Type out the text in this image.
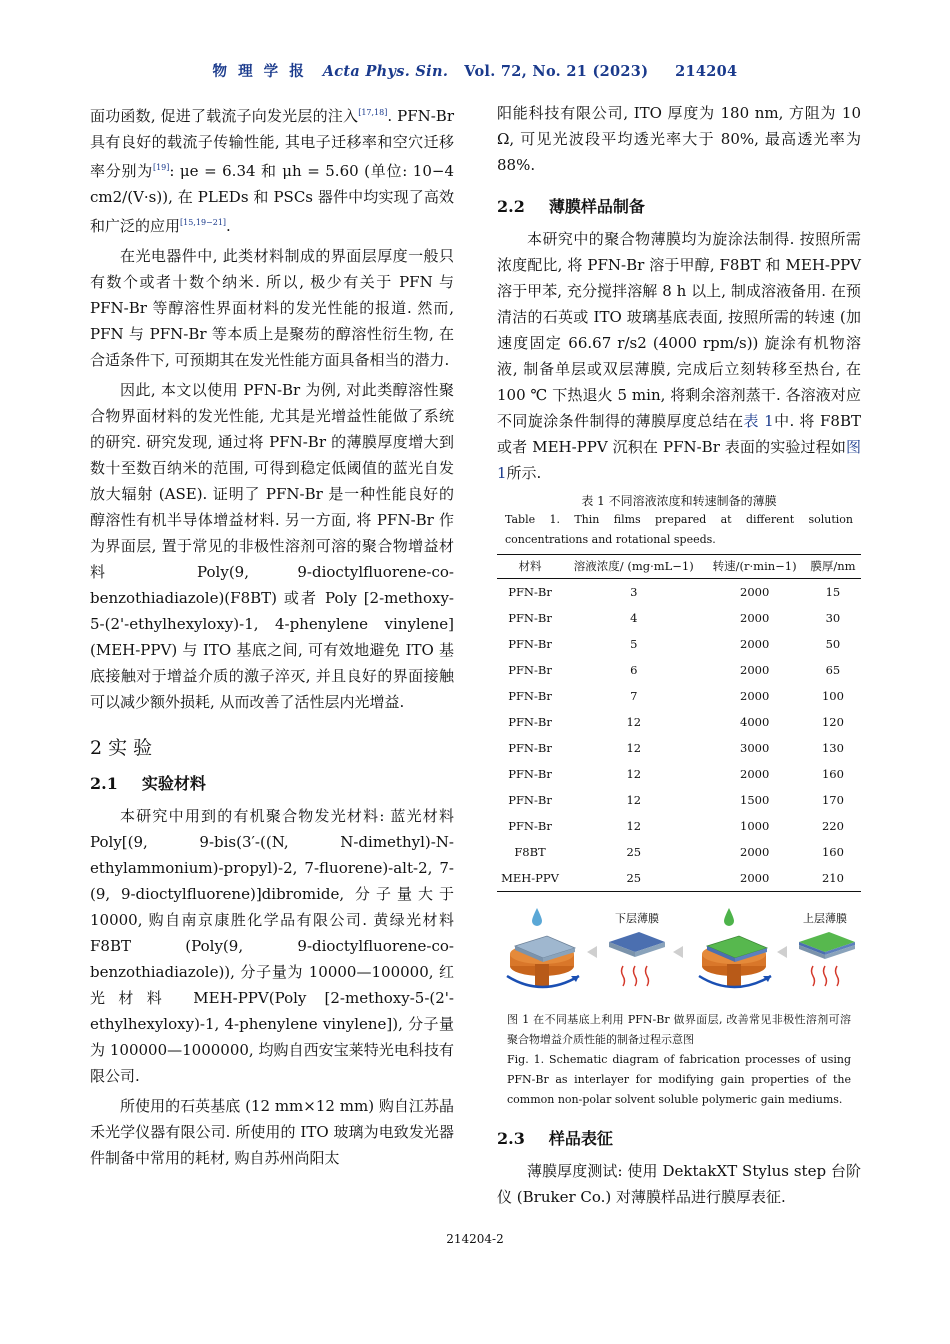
物 理 学 报 Acta Phys. Sin. Vol. 72, No. 21 (2023) 214204

面功函数, 促进了载流子向发光层的注入[17,18]. PFN-Br 具有良好的载流子传输性能, 其电子迁移率和空穴迁移率分别为[19]: μe = 6.34 和 μh = 5.60 (单位: 10−4 cm2/(V·s)), 在 PLEDs 和 PSCs 器件中均实现了高效和广泛的应用[15,19−21].

在光电器件中, 此类材料制成的界面层厚度一般只有数个或者十数个纳米. 所以, 极少有关于 PFN 与 PFN-Br 等醇溶性界面材料的发光性能的报道. 然而, PFN 与 PFN-Br 等本质上是聚芴的醇溶性衍生物, 在合适条件下, 可预期其在发光性能方面具备相当的潜力.

因此, 本文以使用 PFN-Br 为例, 对此类醇溶性聚合物界面材料的发光性能, 尤其是光增益性能做了系统的研究. 研究发现, 通过将 PFN-Br 的薄膜厚度增大到数十至数百纳米的范围, 可得到稳定低阈值的蓝光自发放大辐射 (ASE). 证明了 PFN-Br 是一种性能良好的醇溶性有机半导体增益材料. 另一方面, 将 PFN-Br 作为界面层, 置于常见的非极性溶剂可溶的聚合物增益材料 Poly(9, 9-dioctylfluorene-co-benzothiadiazole)(F8BT) 或者 Poly [2-methoxy-5-(2'-ethylhexyloxy)-1, 4-phenylene vinylene](MEH-PPV) 与 ITO 基底之间, 可有效地避免 ITO 基底接触对于增益介质的激子淬灭, 并且良好的界面接触可以减少额外损耗, 从而改善了活性层内光增益.

2 实 验
2.1 实验材料

本研究中用到的有机聚合物发光材料: 蓝光材料 Poly[(9, 9-bis(3′-((N, N-dimethyl)-N-ethylammonium)-propyl)-2, 7-fluorene)-alt-2, 7-(9, 9-dioctylfluorene)]dibromide, 分子量大于 10000, 购自南京康胜化学品有限公司. 黄绿光材料 F8BT (Poly(9, 9-dioctylfluorene-co-benzothiadiazole)), 分子量为 10000—100000, 红光材料 MEH-PPV(Poly [2-methoxy-5-(2'-ethylhexyloxy)-1, 4-phenylene vinylene]), 分子量为 100000—1000000, 均购自西安宝莱特光电科技有限公司.

所使用的石英基底 (12 mm×12 mm) 购自江苏晶禾光学仪器有限公司. 所使用的 ITO 玻璃为电致发光器件制备中常用的耗材, 购自苏州尚阳太

阳能科技有限公司, ITO 厚度为 180 nm, 方阻为 10 Ω, 可见光波段平均透光率大于 80%, 最高透光率为 88%.

2.2 薄膜样品制备

本研究中的聚合物薄膜均为旋涂法制得. 按照所需浓度配比, 将 PFN-Br 溶于甲醇, F8BT 和 MEH-PPV 溶于甲苯, 充分搅拌溶解 8 h 以上, 制成溶液备用. 在预清洁的石英或 ITO 玻璃基底表面, 按照所需的转速 (加速度固定 66.67 r/s2 (4000 rpm/s)) 旋涂有机物溶液, 制备单层或双层薄膜, 完成后立刻转移至热台, 在 100 ℃ 下热退火 5 min, 将剩余溶剂蒸干. 各溶液对应不同旋涂条件制得的薄膜厚度总结在表 1中. 将 F8BT 或者 MEH-PPV 沉积在 PFN-Br 表面的实验过程如图 1所示.

表 1 不同溶液浓度和转速制备的薄膜
Table 1. Thin films prepared at different solution concentrations and rotational speeds.
材料	溶液浓度/ (mg·mL−1)	转速/(r·min−1)	膜厚/nm
PFN-Br	3	2000	15
PFN-Br	4	2000	30
PFN-Br	5	2000	50
PFN-Br	6	2000	65
PFN-Br	7	2000	100
PFN-Br	12	4000	120
PFN-Br	12	3000	130
PFN-Br	12	2000	160
PFN-Br	12	1500	170
PFN-Br	12	1000	220
F8BT	25	2000	160
MEH-PPV	25	2000	210
下层薄膜	上层薄膜
图 1 在不同基底上利用 PFN-Br 做界面层, 改善常见非极性溶剂可溶聚合物增益介质性能的制备过程示意图
Fig. 1. Schematic diagram of fabrication processes of using PFN-Br as interlayer for modifying gain properties of the common non-polar solvent soluble polymeric gain mediums.
2.3 样品表征

薄膜厚度测试: 使用 DektakXT Stylus step 台阶仪 (Bruker Co.) 对薄膜样品进行膜厚表征.

214204-2
